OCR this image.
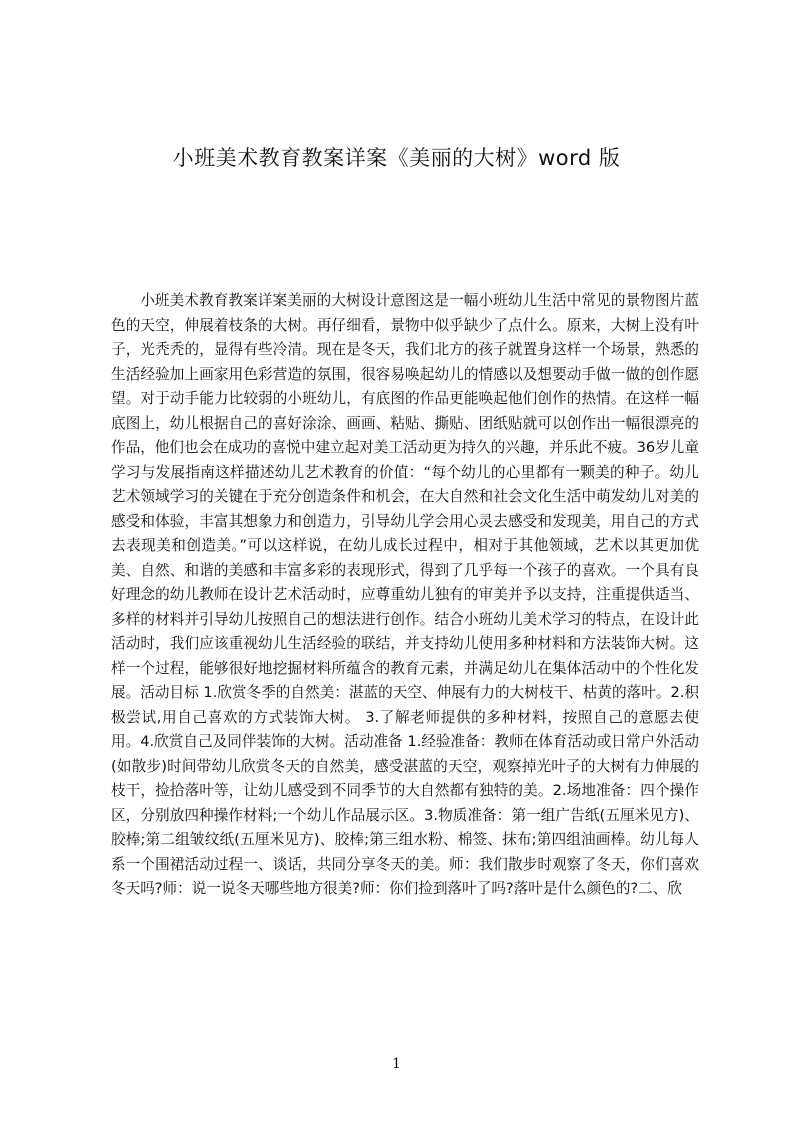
小班美术教育教案详案《美丽的大树》word 版

小班美术教育教案详案美丽的大树设计意图这是一幅小班幼儿生活中常见的景物图片蓝色的天空，伸展着枝条的大树。再仔细看，景物中似乎缺少了点什么。原来，大树上没有叶子，光秃秃的，显得有些冷清。现在是冬天，我们北方的孩子就置身这样一个场景，熟悉的生活经验加上画家用色彩营造的氛围，很容易唤起幼儿的情感以及想要动手做一做的创作愿望。对于动手能力比较弱的小班幼儿，有底图的作品更能唤起他们创作的热情。在这样一幅底图上，幼儿根据自己的喜好涂涂、画画、粘贴、撕贴、团纸贴就可以创作出一幅很漂亮的作品，他们也会在成功的喜悦中建立起对美工活动更为持久的兴趣，并乐此不疲。36岁儿童学习与发展指南这样描述幼儿艺术教育的价值：“每个幼儿的心里都有一颗美的种子。幼儿艺术领域学习的关键在于充分创造条件和机会，在大自然和社会文化生活中萌发幼儿对美的感受和体验，丰富其想象力和创造力，引导幼儿学会用心灵去感受和发现美，用自己的方式去表现美和创造美。”可以这样说，在幼儿成长过程中，相对于其他领域，艺术以其更加优美、自然、和谐的美感和丰富多彩的表现形式，得到了几乎每一个孩子的喜欢。一个具有良好理念的幼儿教师在设计艺术活动时，应尊重幼儿独有的审美并予以支持，注重提供适当、多样的材料并引导幼儿按照自己的想法进行创作。结合小班幼儿美术学习的特点，在设计此活动时，我们应该重视幼儿生活经验的联结，并支持幼儿使用多种材料和方法装饰大树。这样一个过程，能够很好地挖掘材料所蕴含的教育元素，并满足幼儿在集体活动中的个性化发展。活动目标 1.欣赏冬季的自然美：湛蓝的天空、伸展有力的大树枝干、枯黄的落叶。2.积极尝试,用自己喜欢的方式装饰大树。 3.了解老师提供的多种材料，按照自己的意愿去使用。4.欣赏自己及同伴装饰的大树。活动准备 1.经验准备：教师在体育活动或日常户外活动(如散步)时间带幼儿欣赏冬天的自然美，感受湛蓝的天空，观察掉光叶子的大树有力伸展的枝干，捡拾落叶等，让幼儿感受到不同季节的大自然都有独特的美。2.场地准备：四个操作区，分别放四种操作材料;一个幼儿作品展示区。3.物质准备：第一组广告纸(五厘米见方)、胶棒;第二组皱纹纸(五厘米见方)、胶棒;第三组水粉、棉签、抹布;第四组油画棒。幼儿每人系一个围裙活动过程一、谈话，共同分享冬天的美。师：我们散步时观察了冬天，你们喜欢冬天吗?师：说一说冬天哪些地方很美?师：你们捡到落叶了吗?落叶是什么颜色的?二、欣

1
